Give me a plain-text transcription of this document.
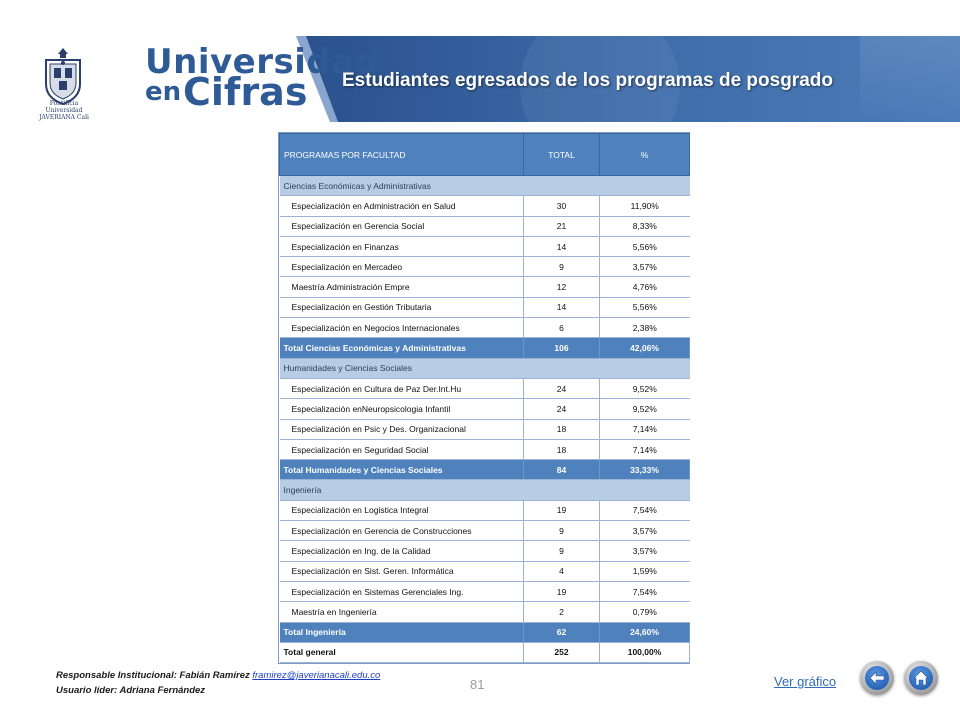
Pontificia Universidad JAVERIANA Cali
Universidad
en Cifras Estudiantes egresados de los programas de posgrado
PROGRAMAS POR FACULTAD	TOTAL	%
Ciencias Económicas y Administrativas		
Especialización en Administración en Salud	30	11,90%
Especialización en Gerencia Social	21	8,33%
Especialización en Finanzas	14	5,56%
Especialización en Mercadeo	9	3,57%
Maestría Administración Empre	12	4,76%
Especialización en Gestión Tributaria	14	5,56%
Especialización en Negocios Internacionales	6	2,38%
Total Ciencias Económicas y Administrativas	106	42,06%
Humanidades y Ciencias Sociales		
Especialización en Cultura de Paz Der.Int.Hu	24	9,52%
Especialización enNeuropsicologia Infantil	24	9,52%
Especialización en Psic y Des. Organizacional	18	7,14%
Especialización en Seguridad Social	18	7,14%
Total Humanidades y Ciencias Sociales	84	33,33%
Ingeniería		
Especialización en Logistica Integral	19	7,54%
Especialización en Gerencia de Construcciones	9	3,57%
Especialización en Ing. de la Calidad	9	3,57%
Especialización en Sist. Geren. Informática	4	1,59%
Especialización en Sistemas Gerenciales Ing.	19	7,54%
Maestría en Ingeniería	2	0,79%
Total Ingeniería	62	24,60%
Total general	252	100,00%
Responsable Institucional: Fabián Ramírez framirez@javerianacali.edu.co
Usuario líder: Adriana Fernández	81	Ver gráfico
